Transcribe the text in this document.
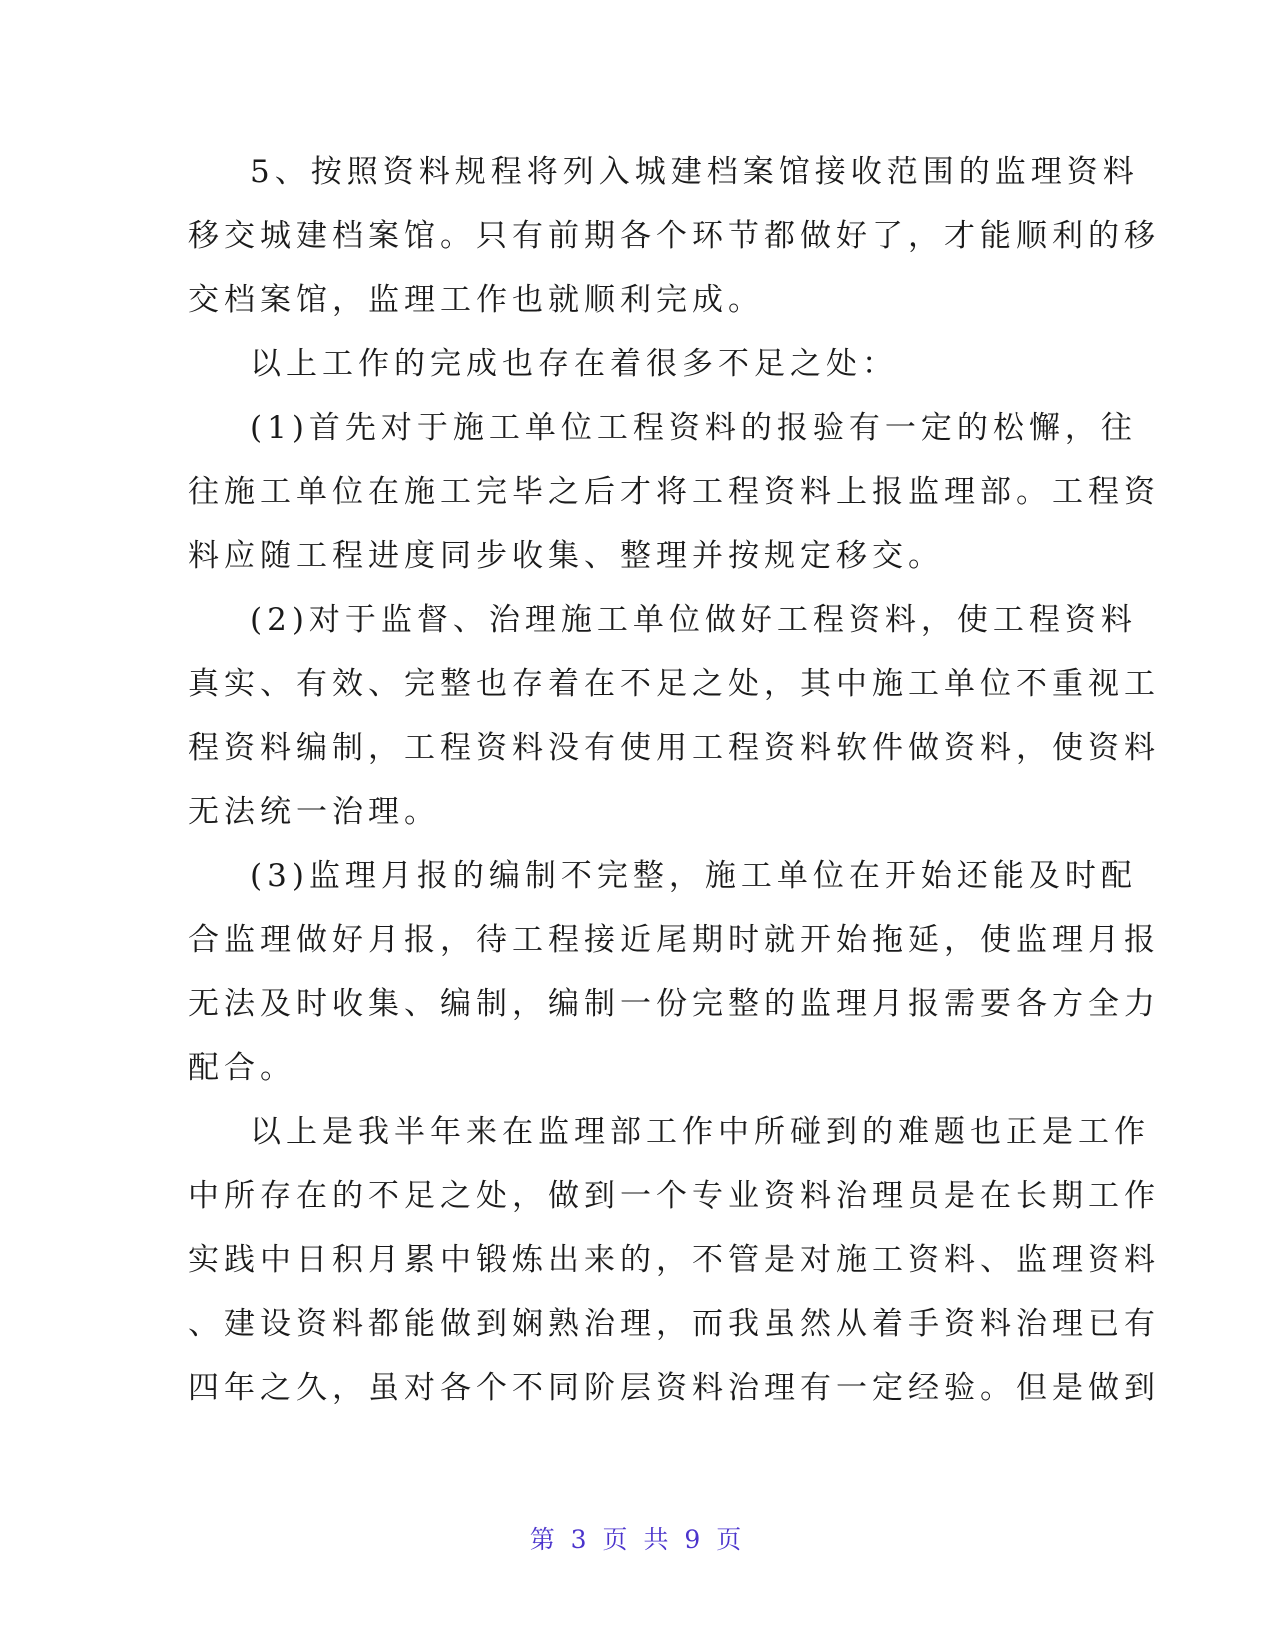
5、按照资料规程将列入城建档案馆接收范围的监理资料
移交城建档案馆。只有前期各个环节都做好了，才能顺利的移
交档案馆，监理工作也就顺利完成。
以上工作的完成也存在着很多不足之处：
(1)首先对于施工单位工程资料的报验有一定的松懈，往
往施工单位在施工完毕之后才将工程资料上报监理部。工程资
料应随工程进度同步收集、整理并按规定移交。
(2)对于监督、治理施工单位做好工程资料，使工程资料
真实、有效、完整也存着在不足之处，其中施工单位不重视工
程资料编制，工程资料没有使用工程资料软件做资料，使资料
无法统一治理。
(3)监理月报的编制不完整，施工单位在开始还能及时配
合监理做好月报，待工程接近尾期时就开始拖延，使监理月报
无法及时收集、编制，编制一份完整的监理月报需要各方全力
配合。
以上是我半年来在监理部工作中所碰到的难题也正是工作
中所存在的不足之处，做到一个专业资料治理员是在长期工作
实践中日积月累中锻炼出来的，不管是对施工资料、监理资料
、建设资料都能做到娴熟治理，而我虽然从着手资料治理已有
四年之久，虽对各个不同阶层资料治理有一定经验。但是做到
第 3 页 共 9 页
